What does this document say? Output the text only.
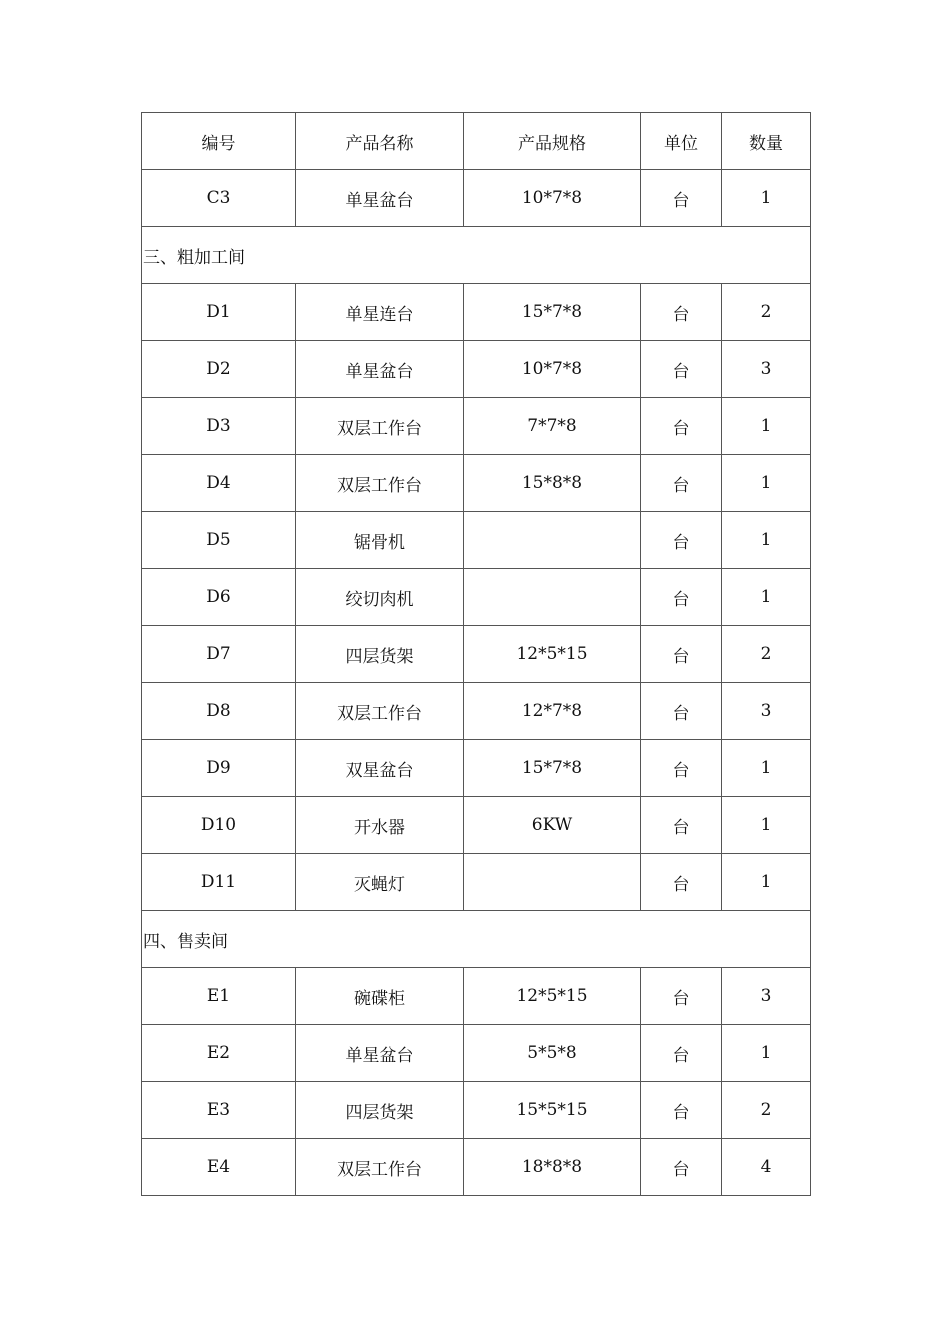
编号	产品名称	产品规格	单位	数量
C3	单星盆台	10*7*8	台	1
三、粗加工间				
D1	单星连台	15*7*8	台	2
D2	单星盆台	10*7*8	台	3
D3	双层工作台	7*7*8	台	1
D4	双层工作台	15*8*8	台	1
D5	锯骨机		台	1
D6	绞切肉机		台	1
D7	四层货架	12*5*15	台	2
D8	双层工作台	12*7*8	台	3
D9	双星盆台	15*7*8	台	1
D10	开水器	6KW	台	1
D11	灭蝇灯		台	1
四、售卖间				
E1	碗碟柜	12*5*15	台	3
E2	单星盆台	5*5*8	台	1
E3	四层货架	15*5*15	台	2
E4	双层工作台	18*8*8	台	4
